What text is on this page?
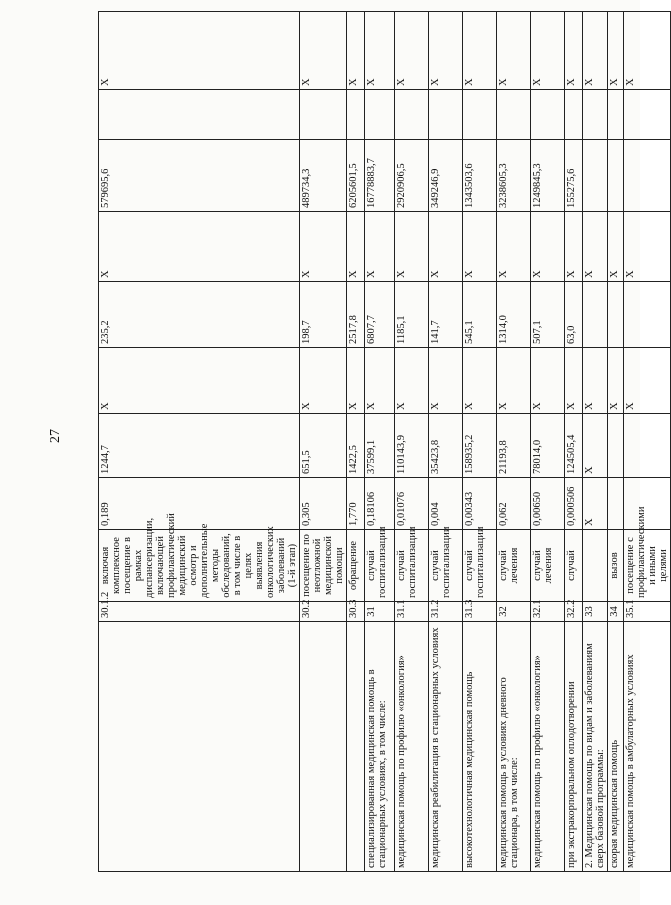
27
	30.1.2	включая комплексное посещение в рамках диспансеризации, включающей профилактический медицинский осмотр и дополнительные методы обследований, в том числе в целях выявления онкологических заболеваний (1-й этап)	0,189	1244,7	X	235,2	X	579695,6		X
	30.2	посещение по неотложной медицинской помощи	0,305	651,5	X	198,7	X	489734,3		X
	30.3	обращение	1,770	1422,5	X	2517,8	X	6205601,5		X
специализированная медицинская помощь в стационарных условиях, в том числе:	31	случай госпитализации	0,18106	37599,1	X	6807,7	X	16778883,7		X
медицинская помощь по профилю «онкология»	31.1	случай госпитализации	0,01076	110143,9	X	1185,1	X	2920906,5		X
медицинская реабилитация в стационарных условиях	31.2	случай госпитализации	0,004	35423,8	X	141,7	X	349246,9		X
высокотехнологичная медицинская помощь	31.3	случай госпитализации	0,00343	158935,2	X	545,1	X	1343503,6		X
медицинская помощь в условиях дневного стационара, в том числе:	32	случай лечения	0,062	21193,8	X	1314,0	X	3238605,3		X
медицинская помощь по профилю «онкология»	32.1	случай лечения	0,00650	78014,0	X	507,1	X	1249845,3		X
при экстракорпоральном оплодотворении	32.2	случай	0,000506	124505,4	X	63,0	X	155275,6		X
2. Медицинская помощь по видам и заболеваниям сверх базовой программы:	33		X	X	X		X			X
скорая медицинская помощь	34	вызов			X		X			X
медицинская помощь в амбулаторных условиях	35.1	посещение с профилактическими и иными целями			X		X			X
